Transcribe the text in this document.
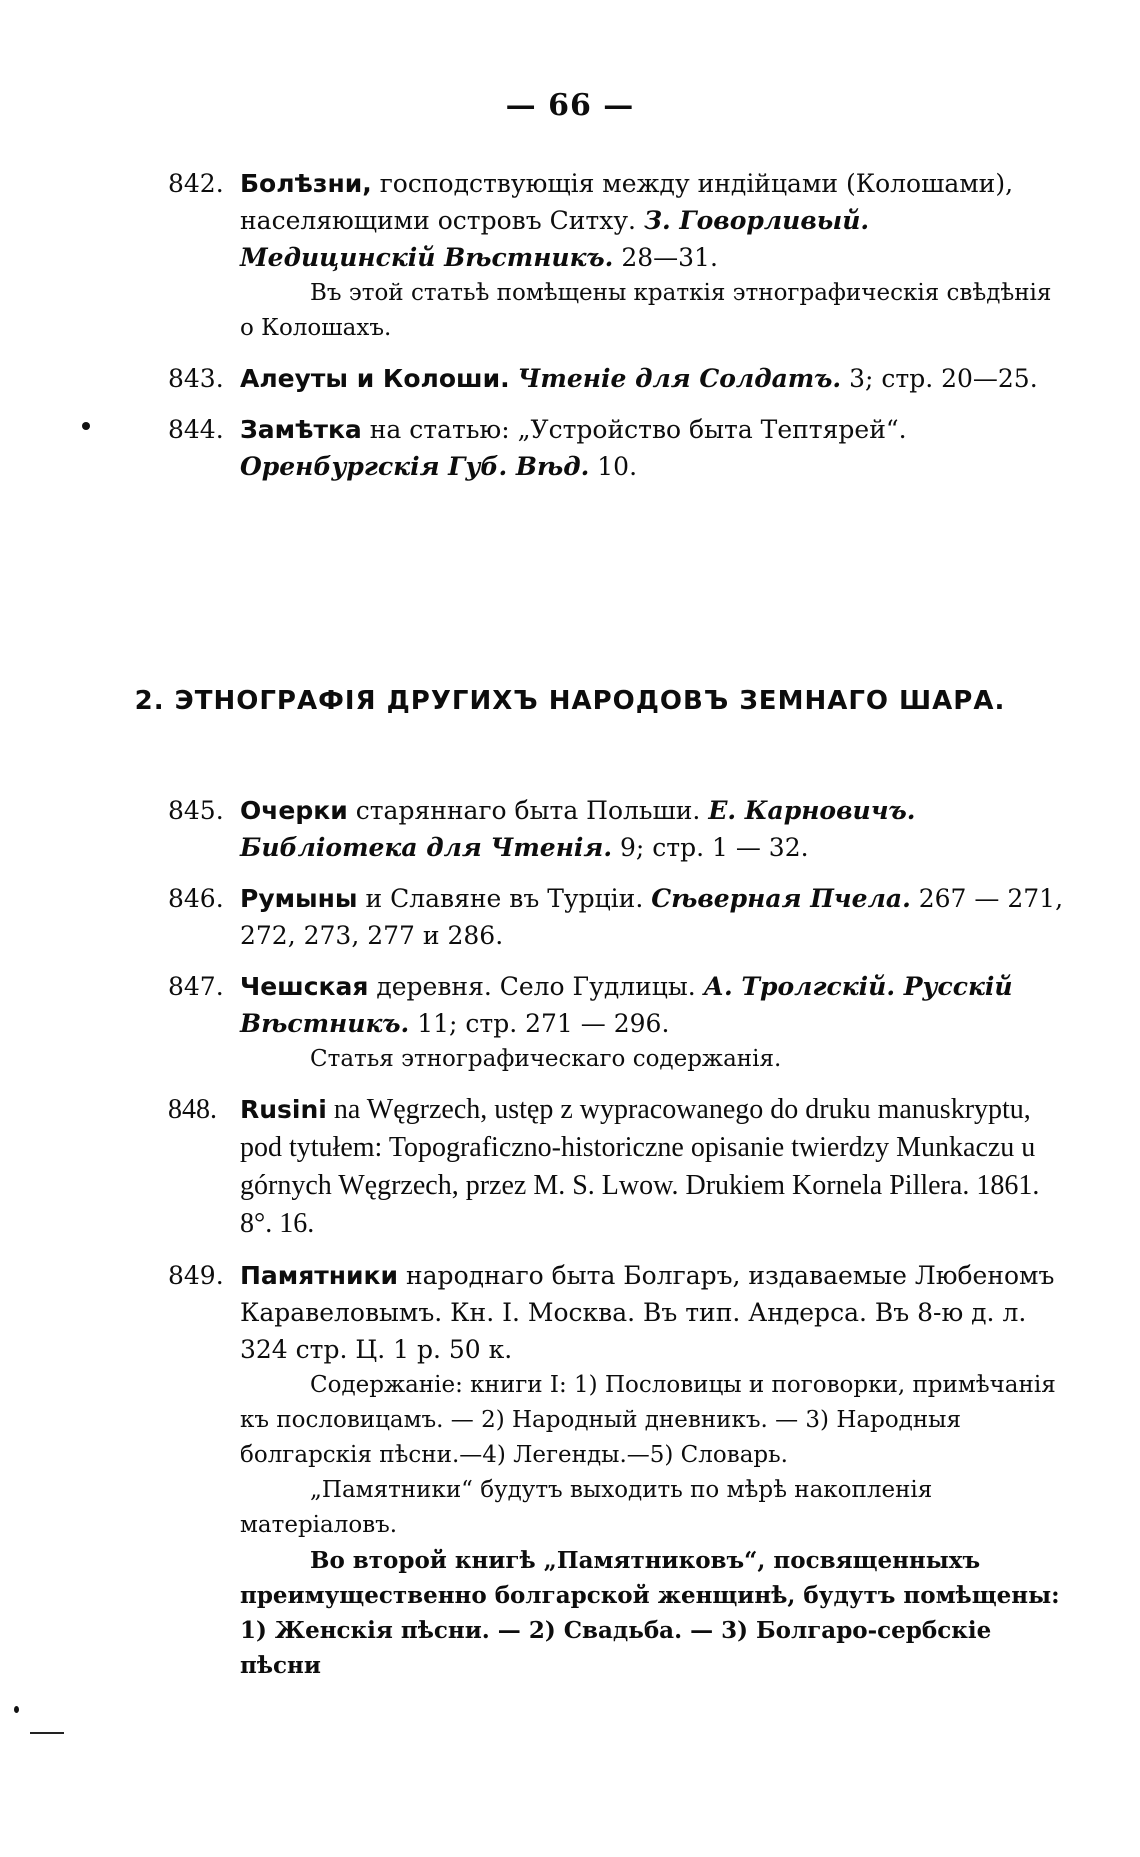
— 66 —
842. Болѣзни, господствующія между индійцами (Колошами), населяющими островъ Ситху. З. Говорливый. Медицинскій Вѣстникъ. 28—31.
Въ этой статьѣ помѣщены краткія этнографическія свѣдѣнія о Колошахъ.
843. Алеуты и Колоши. Чтеніе для Солдатъ. 3; стр. 20—25.
844. Замѣтка на статью: „Устройство быта Тептярей“. Оренбургскія Губ. Вѣд. 10.
2. ЭТНОГРАФІЯ ДРУГИХЪ НАРОДОВЪ ЗЕМНАГО ШАРА.
845. Очерки старяннаго быта Польши. Е. Карновичъ. Библіотека для Чтенія. 9; стр. 1 — 32.
846. Румыны и Славяне въ Турціи. Сѣверная Пчела. 267 — 271, 272, 273, 277 и 286.
847. Чешская деревня. Село Гудлицы. А. Тролгскій. Русскій Вѣстникъ. 11; стр. 271 — 296.
Статья этнографическаго содержанія.
848. Rusini na Węgrzech, ustęp z wypracowanego do druku manuskryptu, pod tytułem: Topograficzno-historiczne opisanie twierdzy Munkaczu u górnych Węgrzech, przez M. S. Lwow. Drukiem Kornela Pillera. 1861. 8°. 16.
849. Памятники народнаго быта Болгаръ, издаваемые Любеномъ Каравеловымъ. Кн. I. Москва. Въ тип. Андерса. Въ 8-ю д. л. 324 стр. Ц. 1 р. 50 к.
Содержаніе: книги I: 1) Пословицы и поговорки, примѣчанія къ пословицамъ. — 2) Народный дневникъ. — 3) Народныя болгарскія пѣсни.—4) Легенды.—5) Словарь.
„Памятники“ будутъ выходить по мѣрѣ накопленія матеріаловъ.
Во второй книгѣ „Памятниковъ“, посвященныхъ преимущественно болгарской женщинѣ, будутъ помѣщены: 1) Женскія пѣсни. — 2) Свадьба. — 3) Болгаро-сербскіе пѣсни
